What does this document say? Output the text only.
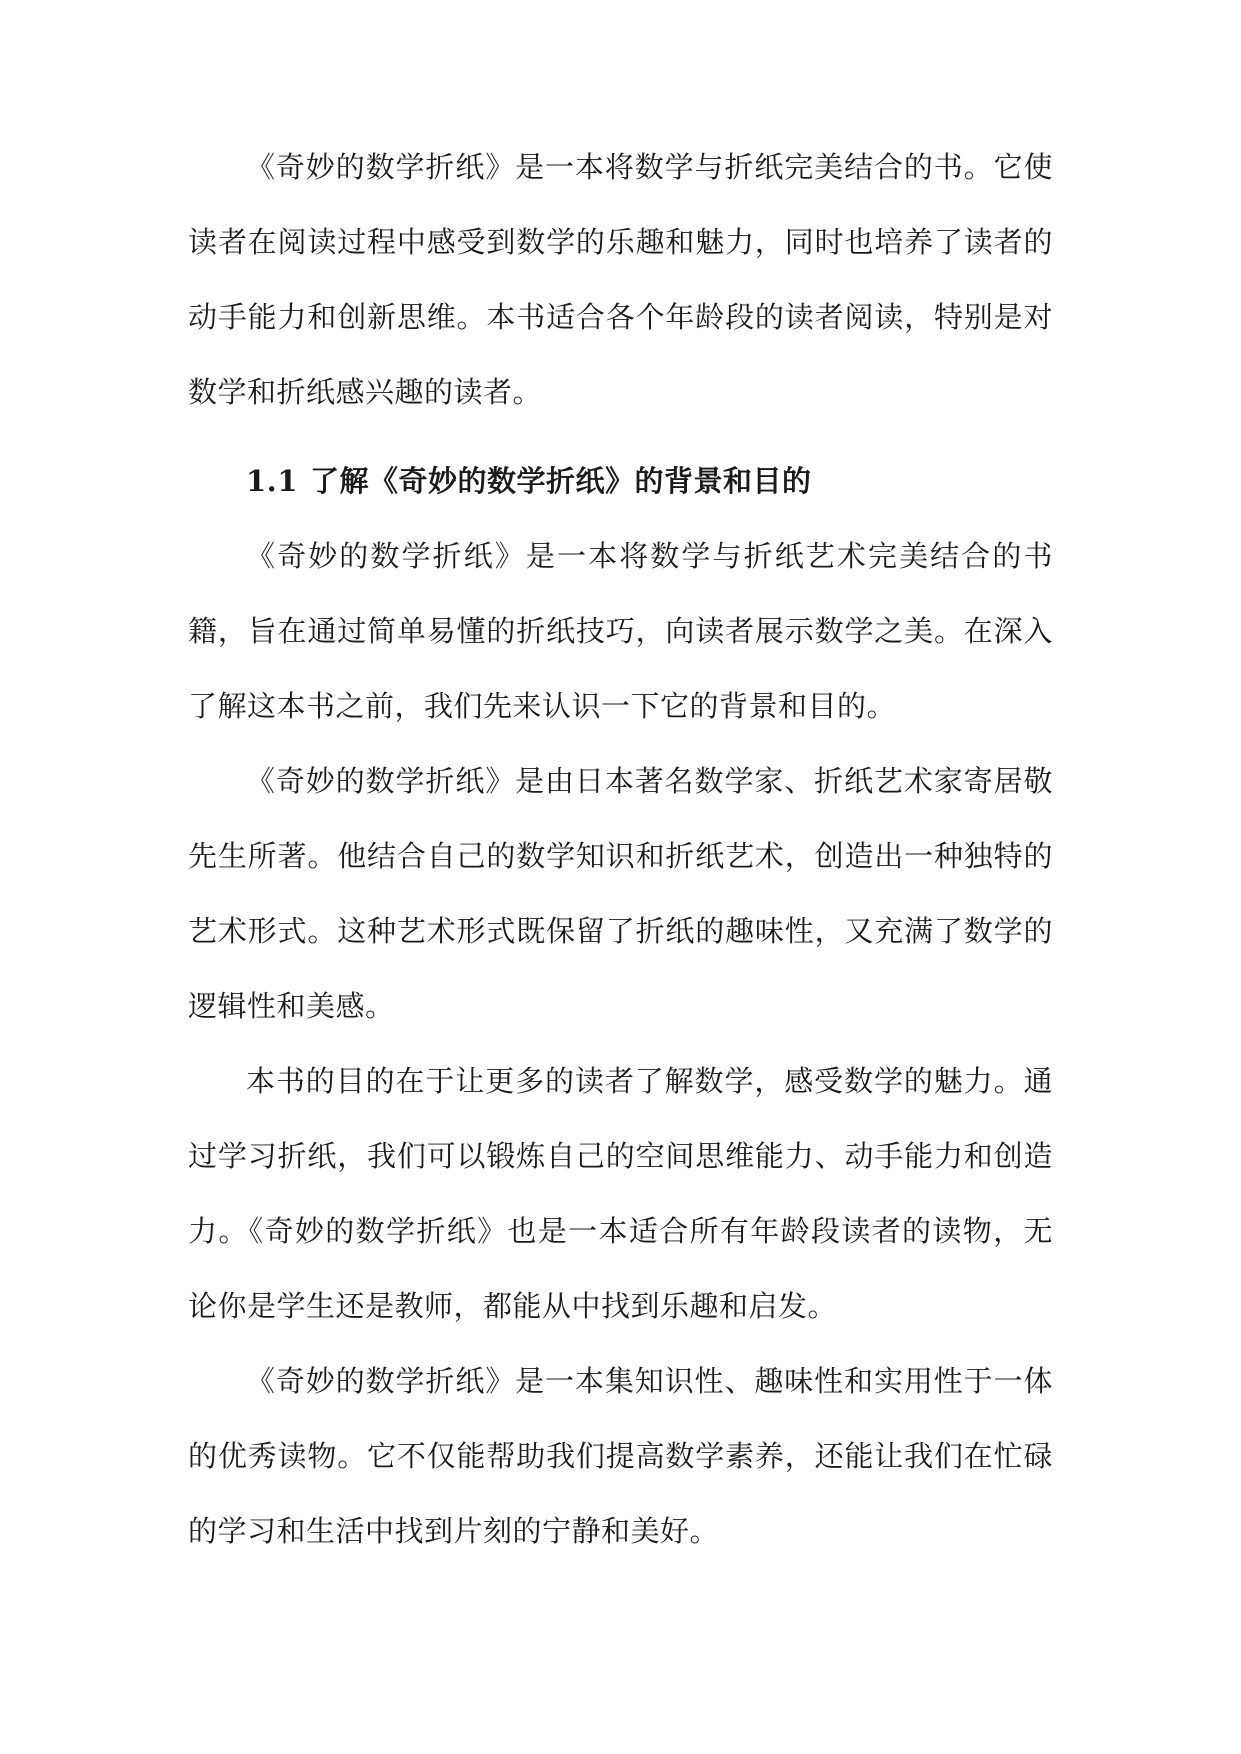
《奇妙的数学折纸》是一本将数学与折纸完美结合的书。它使读者在阅读过程中感受到数学的乐趣和魅力，同时也培养了读者的动手能力和创新思维。本书适合各个年龄段的读者阅读，特别是对数学和折纸感兴趣的读者。

1.1 了解《奇妙的数学折纸》的背景和目的

《奇妙的数学折纸》是一本将数学与折纸艺术完美结合的书籍，旨在通过简单易懂的折纸技巧，向读者展示数学之美。在深入了解这本书之前，我们先来认识一下它的背景和目的。

《奇妙的数学折纸》是由日本著名数学家、折纸艺术家寄居敬先生所著。他结合自己的数学知识和折纸艺术，创造出一种独特的艺术形式。这种艺术形式既保留了折纸的趣味性，又充满了数学的逻辑性和美感。

本书的目的在于让更多的读者了解数学，感受数学的魅力。通过学习折纸，我们可以锻炼自己的空间思维能力、动手能力和创造力。《奇妙的数学折纸》也是一本适合所有年龄段读者的读物，无论你是学生还是教师，都能从中找到乐趣和启发。

《奇妙的数学折纸》是一本集知识性、趣味性和实用性于一体的优秀读物。它不仅能帮助我们提高数学素养，还能让我们在忙碌的学习和生活中找到片刻的宁静和美好。
